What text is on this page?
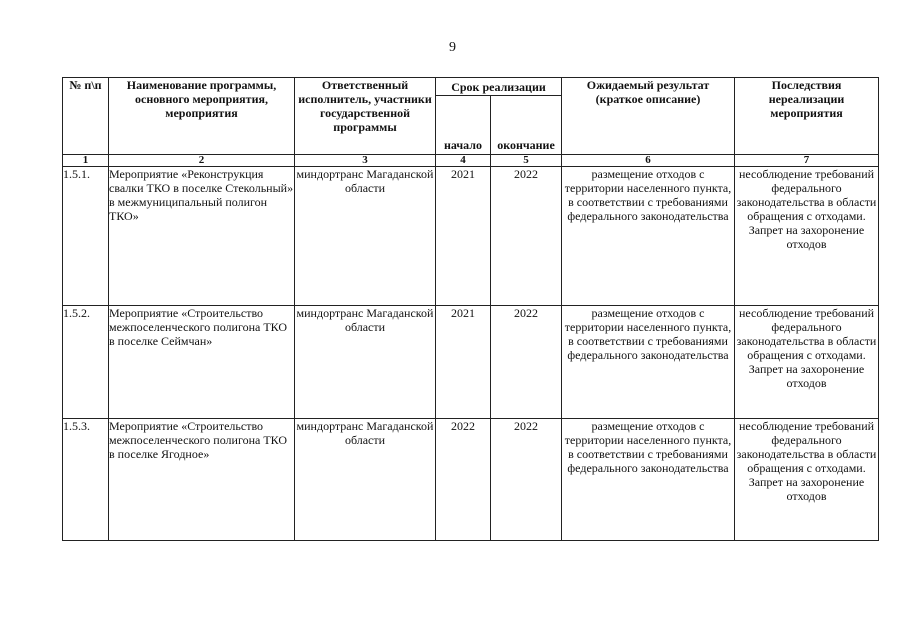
9
№ п\п	Наименование программы, основного мероприятия, мероприятия	Ответственный исполнитель, участники государственной программы	Срок реализации		Ожидаемый результат (краткое описание)	Последствия нереализации мероприятия
			начало	окончание		
1	2	3	4	5	6	7
1.5.1.	Мероприятие «Реконструкция свалки ТКО в поселке Стекольный» в межмуниципальный полигон ТКО»	миндортранс Магаданской области	2021	2022	размещение отходов с территории населенного пункта, в соответствии с требованиями федерального законодательства	несоблюдение требований федерального законодательства в области обращения с отходами. Запрет на захоронение отходов
1.5.2.	Мероприятие «Строительство межпоселенческого полигона ТКО в поселке Сеймчан»	миндортранс Магаданской области	2021	2022	размещение отходов с территории населенного пункта, в соответствии с требованиями федерального законодательства	несоблюдение требований федерального законодательства в области обращения с отходами. Запрет на захоронение отходов
1.5.3.	Мероприятие «Строительство межпоселенческого полигона ТКО в поселке Ягодное»	миндортранс Магаданской области	2022	2022	размещение отходов с территории населенного пункта, в соответствии с требованиями федерального законодательства	несоблюдение требований федерального законодательства в области обращения с отходами. Запрет на захоронение отходов
